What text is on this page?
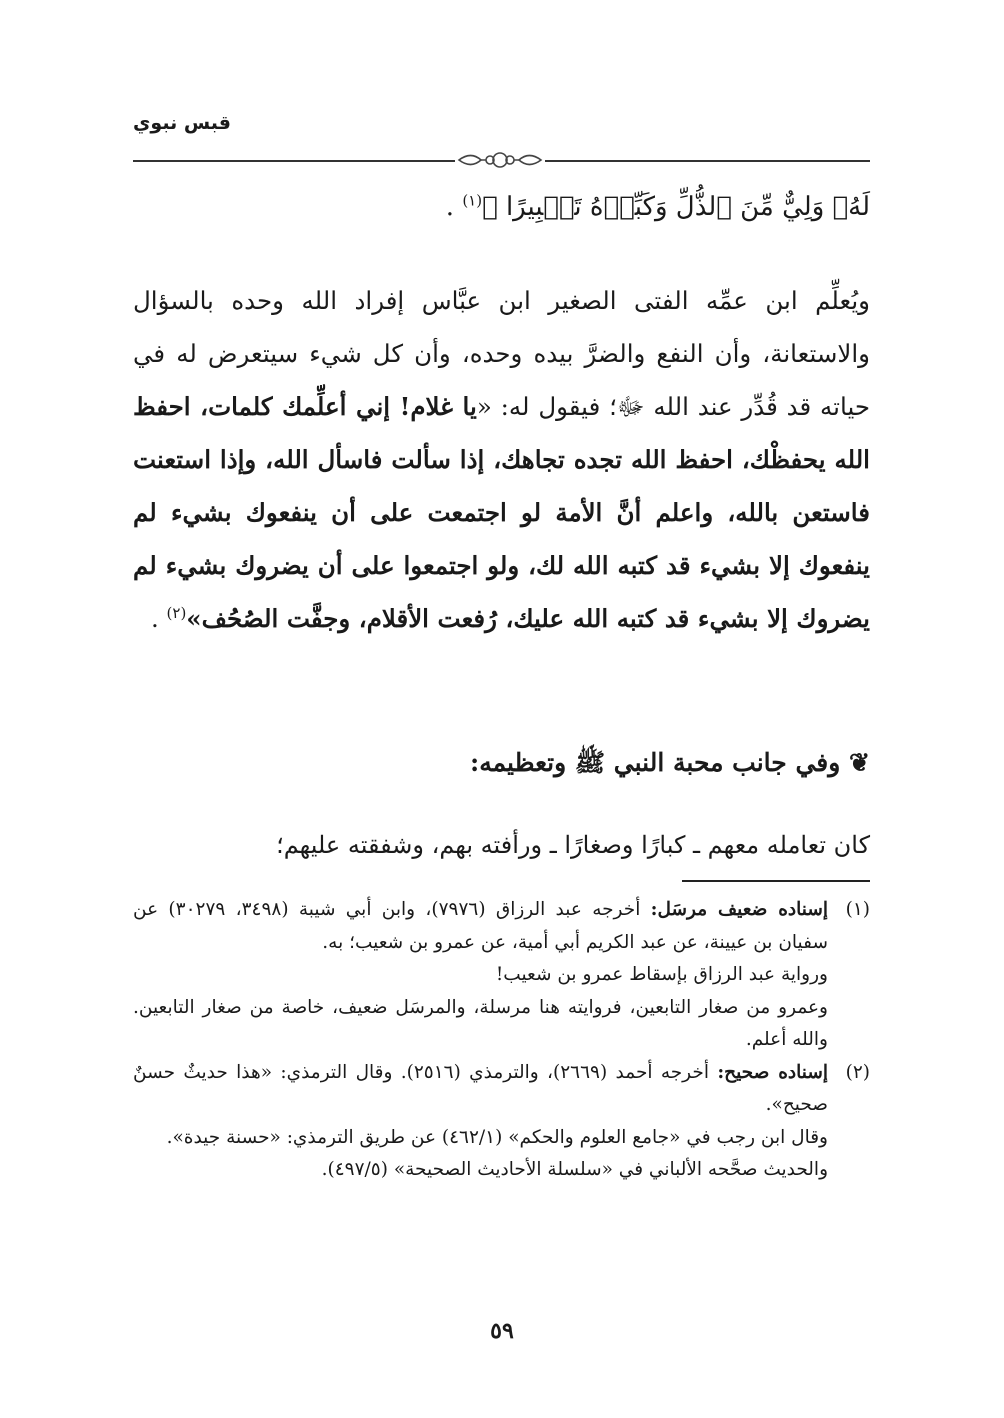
قبس نبوي
لَهُۥ وَلِيٌّ مِّنَ ٱلذُّلِّ وَكَبِّرۡهُ تَكۡبِيرًا ﴾$^{(١)}$ .

ويُعلِّم ابن عمِّه الفتى الصغير ابن عبَّاس إفراد الله وحده بالسؤال والاستعانة، وأن النفع والضرَّ بيده وحده، وأن كل شيء سيتعرض له في حياته قد قُدِّر عند الله ﷻ؛ فيقول له: «يا غلام! إني أعلِّمك كلمات، احفظ الله يحفظْك، احفظ الله تجده تجاهك، إذا سألت فاسأل الله، وإذا استعنت فاستعن بالله، واعلم أنَّ الأمة لو اجتمعت على أن ينفعوك بشيء لم ينفعوك إلا بشيء قد كتبه الله لك، ولو اجتمعوا على أن يضروك بشيء لم يضروك إلا بشيء قد كتبه الله عليك، رُفعت الأقلام، وجفَّت الصُحُف»$^{(٢)}$ .

❦ وفي جانب محبة النبي ﷺ وتعظيمه:
كان تعامله معهم ـ كبارًا وصغارًا ـ ورأفته بهم، وشفقته عليهم؛
(١)

إسناده ضعيف مرسَل: أخرجه عبد الرزاق (٧٩٧٦)، وابن أبي شيبة (٣٤٩٨، ٣٠٢٧٩) عن سفيان بن عيينة، عن عبد الكريم أبي أمية، عن عمرو بن شعيب؛ به.

ورواية عبد الرزاق بإسقاط عمرو بن شعيب!

وعمرو من صغار التابعين، فروايته هنا مرسلة، والمرسَل ضعيف، خاصة من صغار التابعين. والله أعلم.

(٢)

إسناده صحيح: أخرجه أحمد (٢٦٦٩)، والترمذي (٢٥١٦). وقال الترمذي: «هذا حديثٌ حسنٌ صحيح».

وقال ابن رجب في «جامع العلوم والحكم» (٤٦٢/١) عن طريق الترمذي: «حسنة جيدة».

والحديث صحَّحه الألباني في «سلسلة الأحاديث الصحيحة» (٤٩٧/٥).

٥٩
